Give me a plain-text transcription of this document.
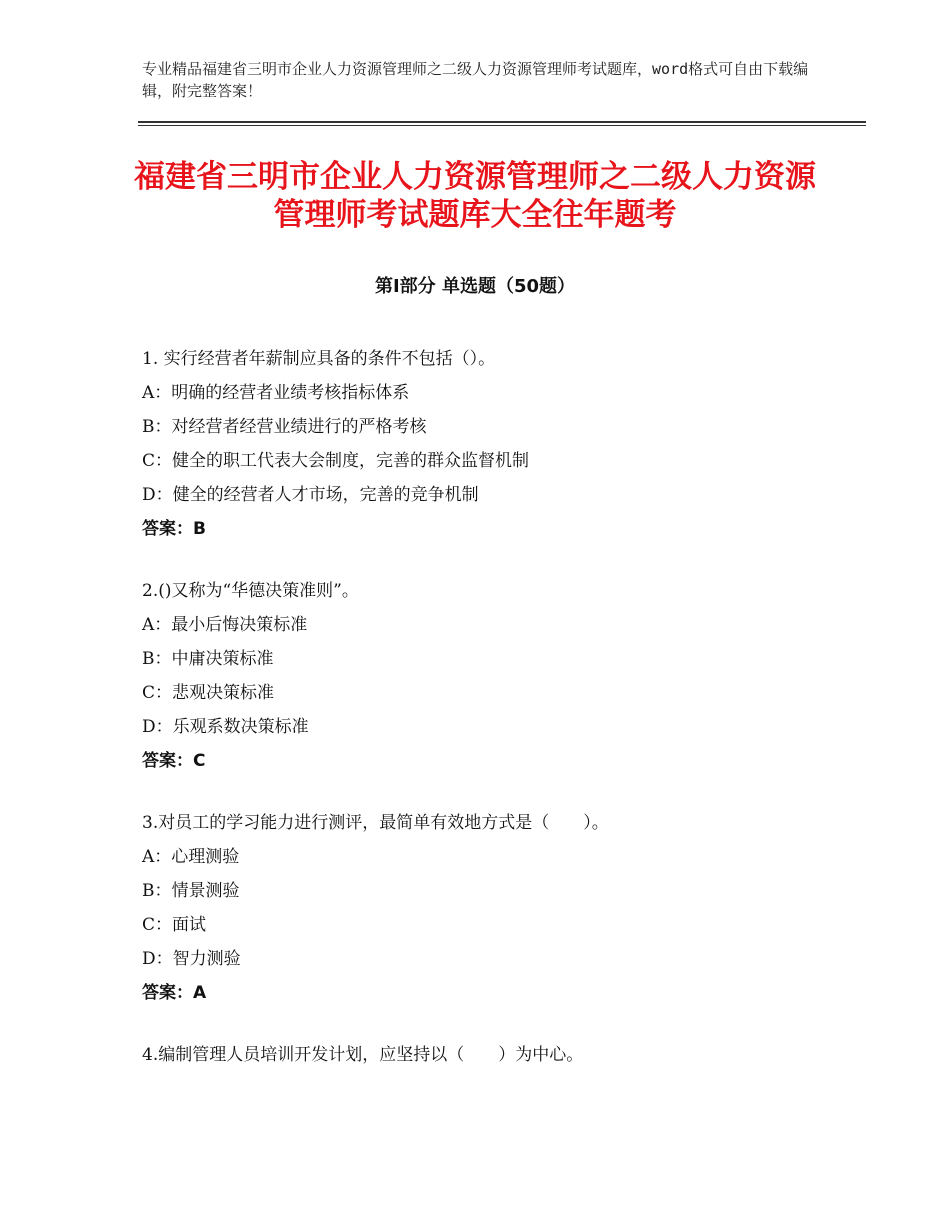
专业精品福建省三明市企业人力资源管理师之二级人力资源管理师考试题库，word格式可自由下载编辑，附完整答案！
福建省三明市企业人力资源管理师之二级人力资源管理师考试题库大全往年题考
第Ⅰ部分 单选题（50题）
1. 实行经营者年薪制应具备的条件不包括（）。
A：明确的经营者业绩考核指标体系
B：对经营者经营业绩进行的严格考核
C：健全的职工代表大会制度，完善的群众监督机制
D：健全的经营者人才市场，完善的竞争机制
答案：B
2.()又称为“华德决策准则”。
A：最小后悔决策标准
B：中庸决策标准
C：悲观决策标准
D：乐观系数决策标准
答案：C
3.对员工的学习能力进行测评，最简单有效地方式是（　　）。
A：心理测验
B：情景测验
C：面试
D：智力测验
答案：A
4.编制管理人员培训开发计划，应坚持以（　　）为中心。
